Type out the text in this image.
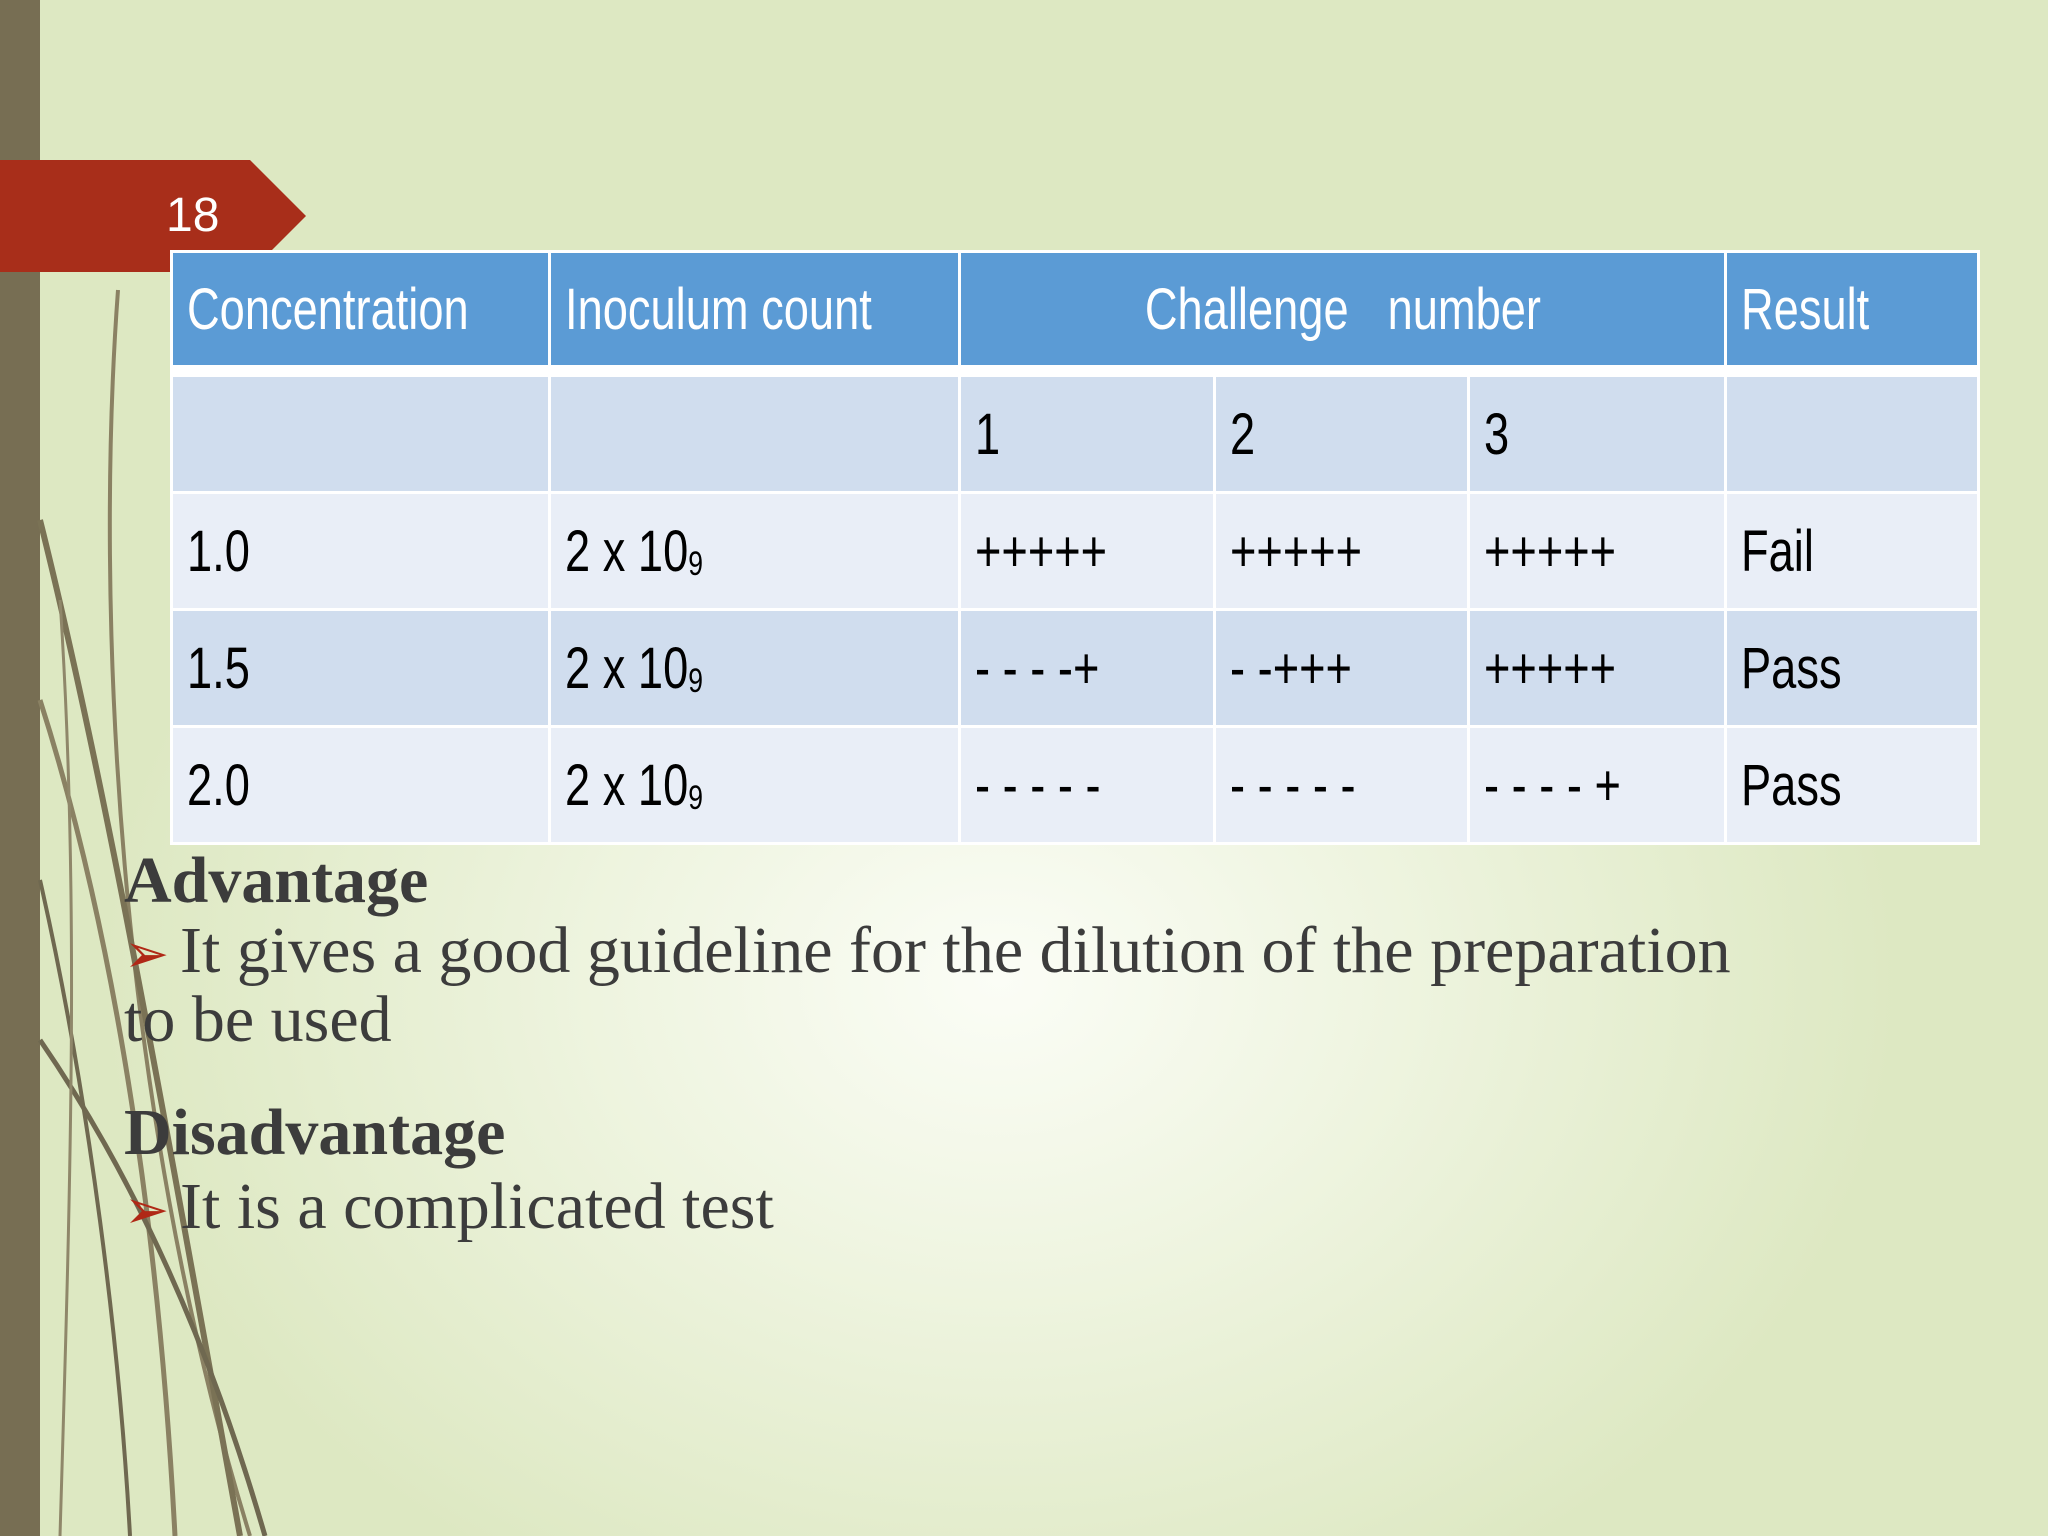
18
Concentration	Inoculum count	Challenge number			Result
		1	2	3	
1.0	2 x $10_9$	+++++	+++++	+++++	Fail
1.5	2 x $10_9$	- - - -+	- -+++	+++++	Pass
2.0	2 x $10_9$	- - - - -	- - - - -	- - - - +	Pass
Advantage
➢ It gives a good guideline for the dilution of the preparation
to be used
Disadvantage
➢ It is a complicated test
